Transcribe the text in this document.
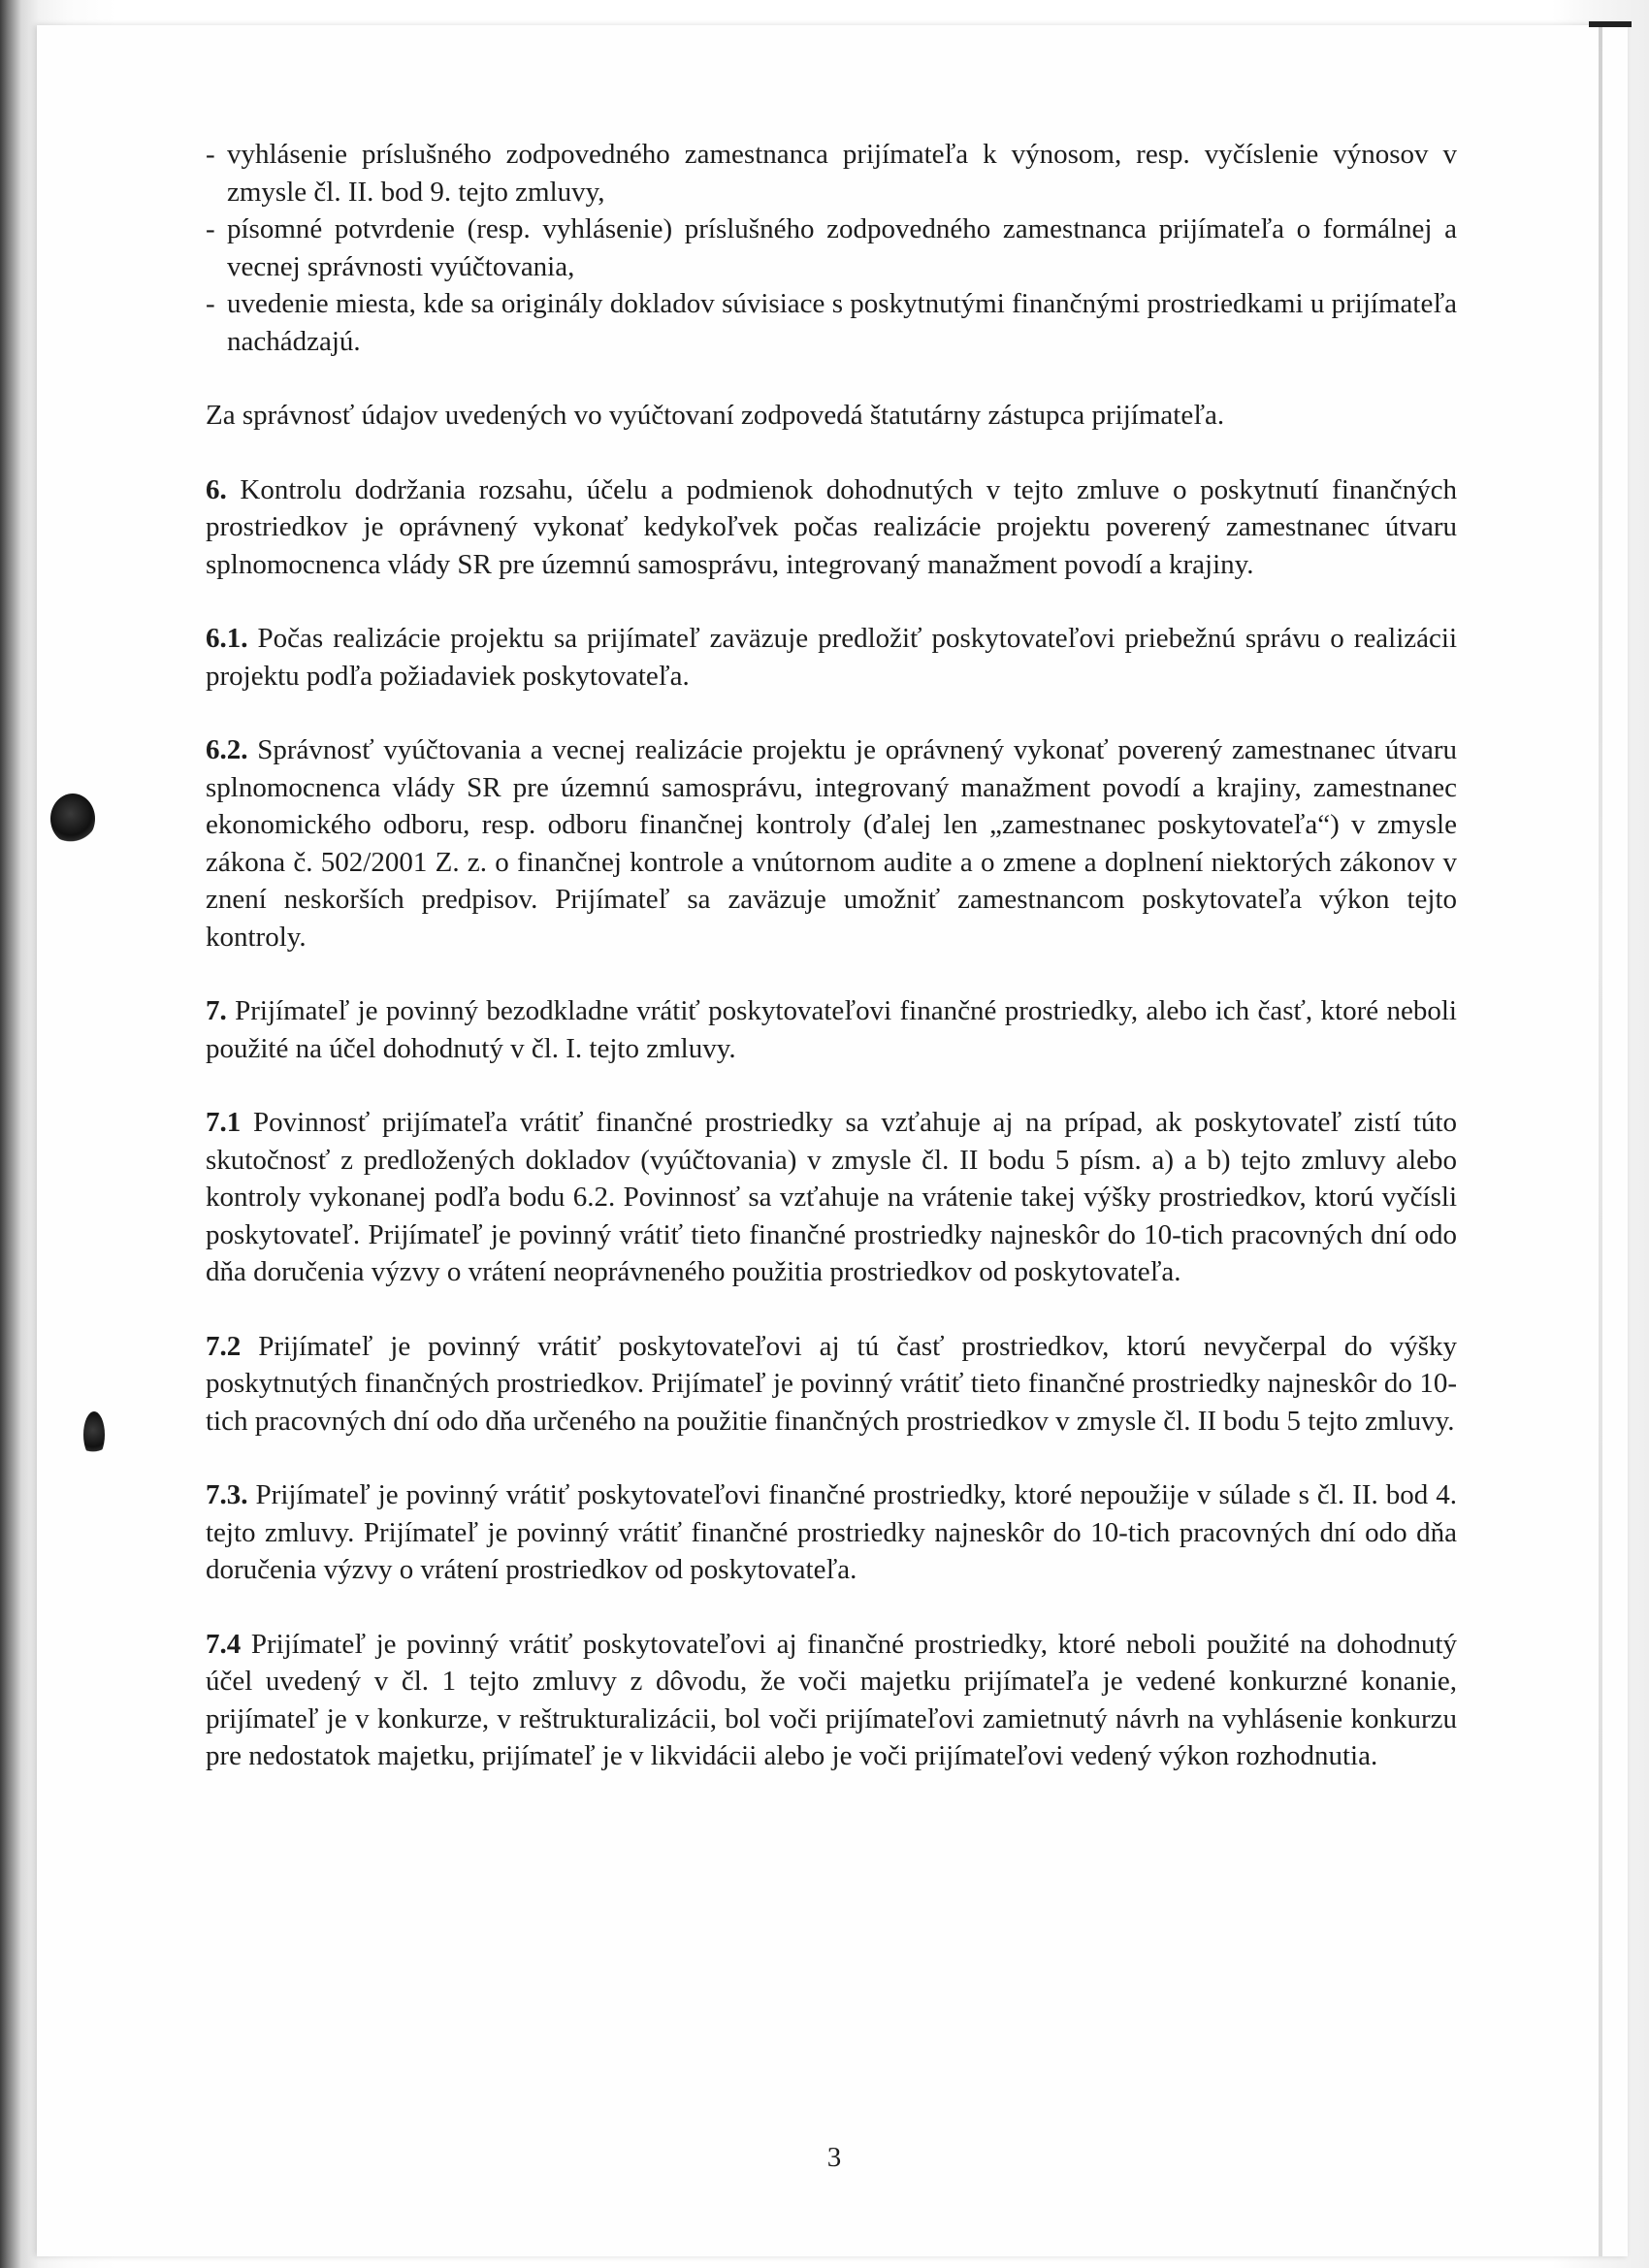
- vyhlásenie príslušného zodpovedného zamestnanca prijímateľa k výnosom, resp. vyčíslenie výnosov v zmysle čl. II. bod 9. tejto zmluvy,
- písomné potvrdenie (resp. vyhlásenie) príslušného zodpovedného zamestnanca prijímateľa o formálnej a vecnej správnosti vyúčtovania,
- uvedenie miesta, kde sa originály dokladov súvisiace s poskytnutými finančnými prostriedkami u prijímateľa nachádzajú.

Za správnosť údajov uvedených vo vyúčtovaní zodpovedá štatutárny zástupca prijímateľa.

6. Kontrolu dodržania rozsahu, účelu a podmienok dohodnutých v tejto zmluve o poskytnutí finančných prostriedkov je oprávnený vykonať kedykoľvek počas realizácie projektu poverený zamestnanec útvaru splnomocnenca vlády SR pre územnú samosprávu, integrovaný manažment povodí a krajiny.

6.1. Počas realizácie projektu sa prijímateľ zaväzuje predložiť poskytovateľovi priebežnú správu o realizácii projektu podľa požiadaviek poskytovateľa.

6.2. Správnosť vyúčtovania a vecnej realizácie projektu je oprávnený vykonať poverený zamestnanec útvaru splnomocnenca vlády SR pre územnú samosprávu, integrovaný manažment povodí a krajiny, zamestnanec ekonomického odboru, resp. odboru finančnej kontroly (ďalej len „zamestnanec poskytovateľa“) v zmysle zákona č. 502/2001 Z. z. o finančnej kontrole a vnútornom audite a o zmene a doplnení niektorých zákonov v znení neskorších predpisov. Prijímateľ sa zaväzuje umožniť zamestnancom poskytovateľa výkon tejto kontroly.

7. Prijímateľ je povinný bezodkladne vrátiť poskytovateľovi finančné prostriedky, alebo ich časť, ktoré neboli použité na účel dohodnutý v čl. I. tejto zmluvy.

7.1 Povinnosť prijímateľa vrátiť finančné prostriedky sa vzťahuje aj na prípad, ak poskytovateľ zistí túto skutočnosť z predložených dokladov (vyúčtovania) v zmysle čl. II bodu 5 písm. a) a b) tejto zmluvy alebo kontroly vykonanej podľa bodu 6.2. Povinnosť sa vzťahuje na vrátenie takej výšky prostriedkov, ktorú vyčísli poskytovateľ. Prijímateľ je povinný vrátiť tieto finančné prostriedky najneskôr do 10-tich pracovných dní odo dňa doručenia výzvy o vrátení neoprávneného použitia prostriedkov od poskytovateľa.

7.2 Prijímateľ je povinný vrátiť poskytovateľovi aj tú časť prostriedkov, ktorú nevyčerpal do výšky poskytnutých finančných prostriedkov. Prijímateľ je povinný vrátiť tieto finančné prostriedky najneskôr do 10-tich pracovných dní odo dňa určeného na použitie finančných prostriedkov v zmysle čl. II bodu 5 tejto zmluvy.

7.3. Prijímateľ je povinný vrátiť poskytovateľovi finančné prostriedky, ktoré nepoužije v súlade s čl. II. bod 4. tejto zmluvy. Prijímateľ je povinný vrátiť finančné prostriedky najneskôr do 10-tich pracovných dní odo dňa doručenia výzvy o vrátení prostriedkov od poskytovateľa.

7.4 Prijímateľ je povinný vrátiť poskytovateľovi aj finančné prostriedky, ktoré neboli použité na dohodnutý účel uvedený v čl. 1 tejto zmluvy z dôvodu, že voči majetku prijímateľa je vedené konkurzné konanie, prijímateľ je v konkurze, v reštrukturalizácii, bol voči prijímateľovi zamietnutý návrh na vyhlásenie konkurzu pre nedostatok majetku, prijímateľ je v likvidácii alebo je voči prijímateľovi vedený výkon rozhodnutia.

3
